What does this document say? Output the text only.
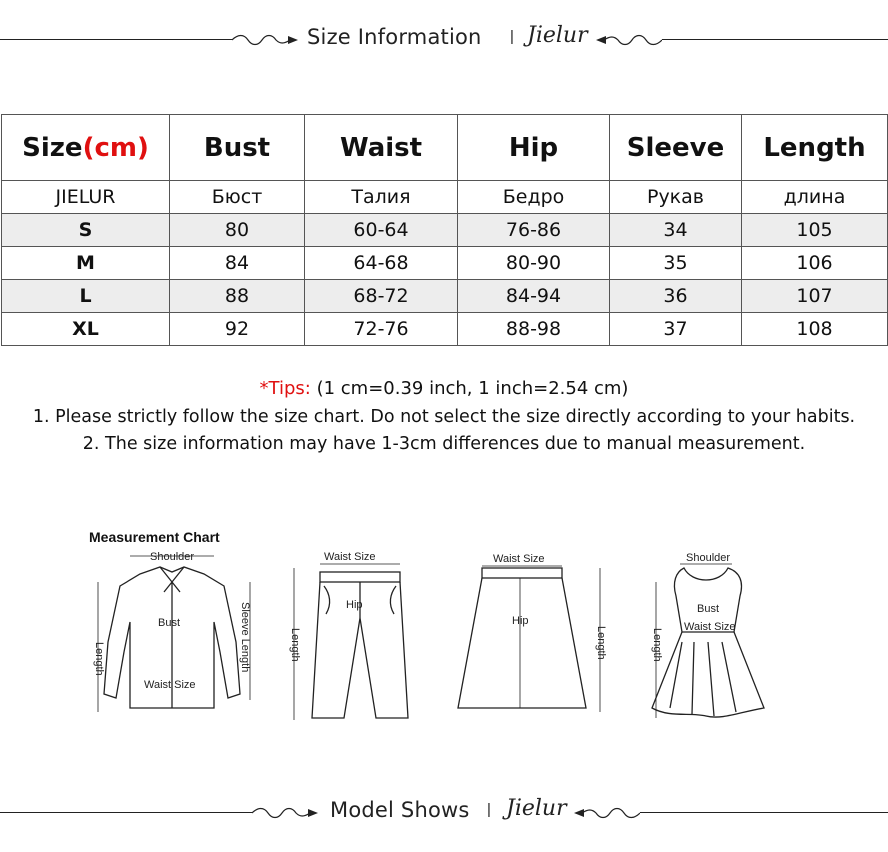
Size Information | Jielur
Size(cm)	Bust	Waist	Hip	Sleeve	Length
JIELUR	Бюст	Талия	Бедро	Рукав	длина
S	80	60-64	76-86	34	105
M	84	64-68	80-90	35	106
L	88	68-72	84-94	36	107
XL	92	72-76	88-98	37	108
*Tips: (1 cm=0.39 inch, 1 inch=2.54 cm)
1. Please strictly follow the size chart. Do not select the size directly according to your habits.
2. The size information may have 1-3cm differences due to manual measurement.
Measurement Chart
Shoulder
Bust
Waist Size
Length	Sleeve Length
Waist Size
Hip
Length
Waist Size
Hip
Length
Shoulder
Bust
Waist Size
Length
Model Shows | Jielur
